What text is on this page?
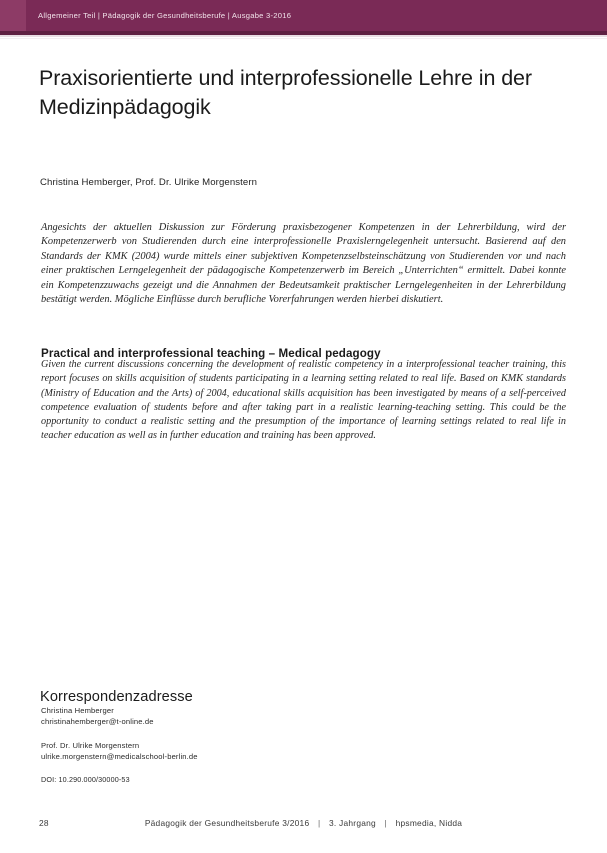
Allgemeiner Teil | Pädagogik der Gesundheitsberufe | Ausgabe 3-2016
Praxisorientierte und interprofessionelle Lehre in der Medizinpädagogik
Christina Hemberger, Prof. Dr. Ulrike Morgenstern
Angesichts der aktuellen Diskussion zur Förderung praxisbezogener Kompetenzen in der Lehrerbildung, wird der Kompetenzerwerb von Studierenden durch eine interprofessionelle Praxislerngelegenheit untersucht. Basierend auf den Standards der KMK (2004) wurde mittels einer subjektiven Kompetenzselbsteinschätzung von Studierenden vor und nach einer praktischen Lerngelegenheit der pädagogische Kompetenzerwerb im Bereich „Unterrichten“ ermittelt. Dabei konnte ein Kompetenzzuwachs gezeigt und die Annahmen der Bedeutsamkeit praktischer Lerngelegenheiten in der Lehrerbildung bestätigt werden. Mögliche Einflüsse durch berufliche Vorerfahrungen werden hierbei diskutiert.
Practical and interprofessional teaching – Medical pedagogy
Given the current discussions concerning the development of realistic competency in a interprofessional teacher training, this report focuses on skills acquisition of students participating in a learning setting related to real life. Based on KMK standards (Ministry of Education and the Arts) of 2004, educational skills acquisition has been investigated by means of a self-perceived competence evaluation of students before and after taking part in a realistic learning-teaching setting. This could be the opportunity to conduct a realistic setting and the presumption of the importance of learning settings related to real life in teacher education as well as in further education and training has been approved.
Korrespondenzadresse
Christina Hemberger
christinahemberger@t-online.de
Prof. Dr. Ulrike Morgenstern
ulrike.morgenstern@medicalschool-berlin.de
DOI: 10.290.000/30000-53
28	Pädagogik der Gesundheitsberufe 3/2016 | 3. Jahrgang | hpsmedia, Nidda
